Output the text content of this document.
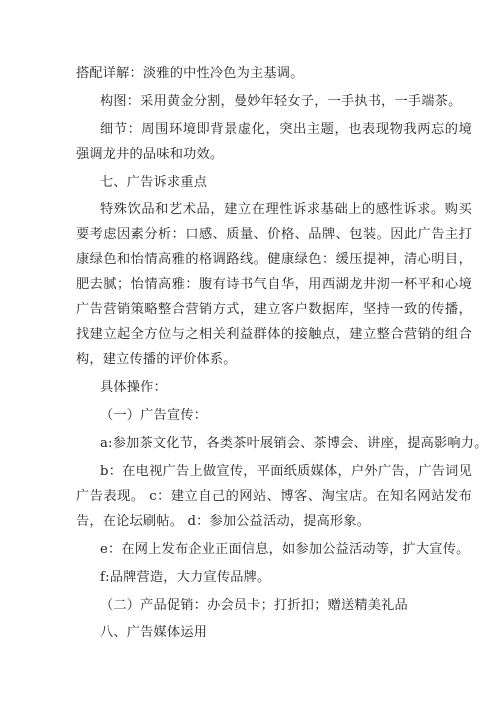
搭配详解：淡雅的中性冷色为主基调。
构图：采用黄金分割，曼妙年轻女子，一手执书，一手端茶。
细节：周围环境即背景虚化，突出主题，也表现物我两忘的境
强调龙井的品味和功效。
七、广告诉求重点
特殊饮品和艺术品，建立在理性诉求基础上的感性诉求。购买
要考虑因素分析：口感、质量、价格、品牌、包装。因此广告主打
康绿色和怡情高雅的格调路线。健康绿色：缓压提神，清心明目，
肥去腻；怡情高雅：腹有诗书气自华，用西湖龙井沏一杯平和心境
广告营销策略整合营销方式，建立客户数据库，坚持一致的传播，
找建立起全方位与之相关利益群体的接触点，建立整合营销的组合
构，建立传播的评价体系。
具体操作：
（一）广告宣传：
a:参加茶文化节，各类茶叶展销会、茶博会、讲座，提高影响力。
b：在电视广告上做宣传，平面纸质媒体，户外广告，广告词见
广告表现。 c：建立自己的网站、博客、淘宝店。在知名网站发布
告，在论坛刷帖。 d：参加公益活动，提高形象。
e：在网上发布企业正面信息，如参加公益活动等，扩大宣传。
f:品牌营造，大力宣传品牌。
（二）产品促销：办会员卡；打折扣；赠送精美礼品
八、广告媒体运用
